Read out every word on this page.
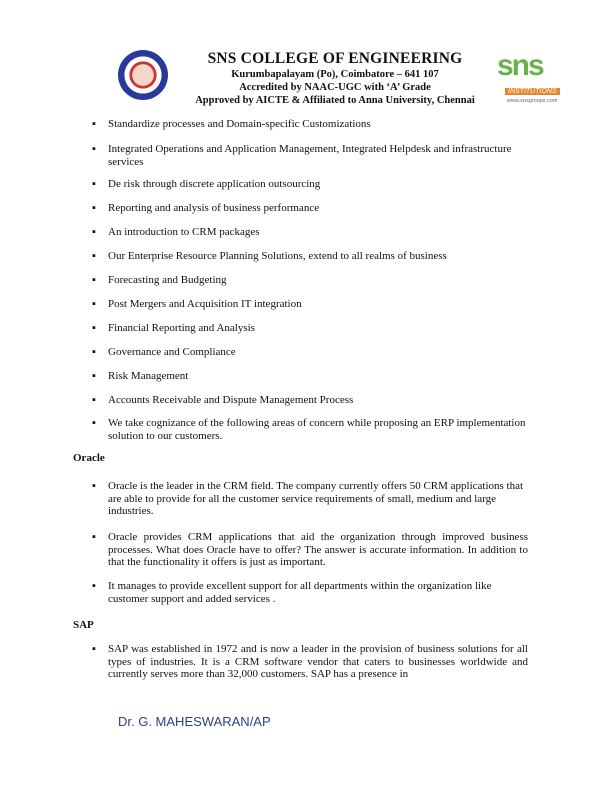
SNS COLLEGE OF ENGINEERING
Kurumbapalayam (Po), Coimbatore – 641 107
Accredited by NAAC-UGC with ‘A’ Grade
Approved by AICTE & Affiliated to Anna University, Chennai
sns
INSTITUTIONS
www.snsgroups.com
▪ Standardize processes and Domain-specific Customizations
▪ Integrated Operations and Application Management, Integrated Helpdesk and infrastructure services
▪ De risk through discrete application outsourcing
▪ Reporting and analysis of business performance
▪ An introduction to CRM packages
▪ Our Enterprise Resource Planning Solutions, extend to all realms of business
▪ Forecasting and Budgeting
▪ Post Mergers and Acquisition IT integration
▪ Financial Reporting and Analysis
▪ Governance and Compliance
▪ Risk Management
▪ Accounts Receivable and Dispute Management Process
▪ We take cognizance of the following areas of concern while proposing an ERP implementation solution to our customers.
▪ Oracle is the leader in the CRM field. The company currently offers 50 CRM applications that are able to provide for all the customer service requirements of small, medium and large industries.
▪ Oracle provides CRM applications that aid the organization through improved business processes. What does Oracle have to offer? The answer is accurate information. In addition to that the functionality it offers is just as important.
▪ It manages to provide excellent support for all departments within the organization like customer support and added services .
▪ SAP was established in 1972 and is now a leader in the provision of business solutions for all types of industries. It is a CRM software vendor that caters to businesses worldwide and currently serves more than 32,000 customers. SAP has a presence in
Oracle
SAP
Dr. G. MAHESWARAN/AP
